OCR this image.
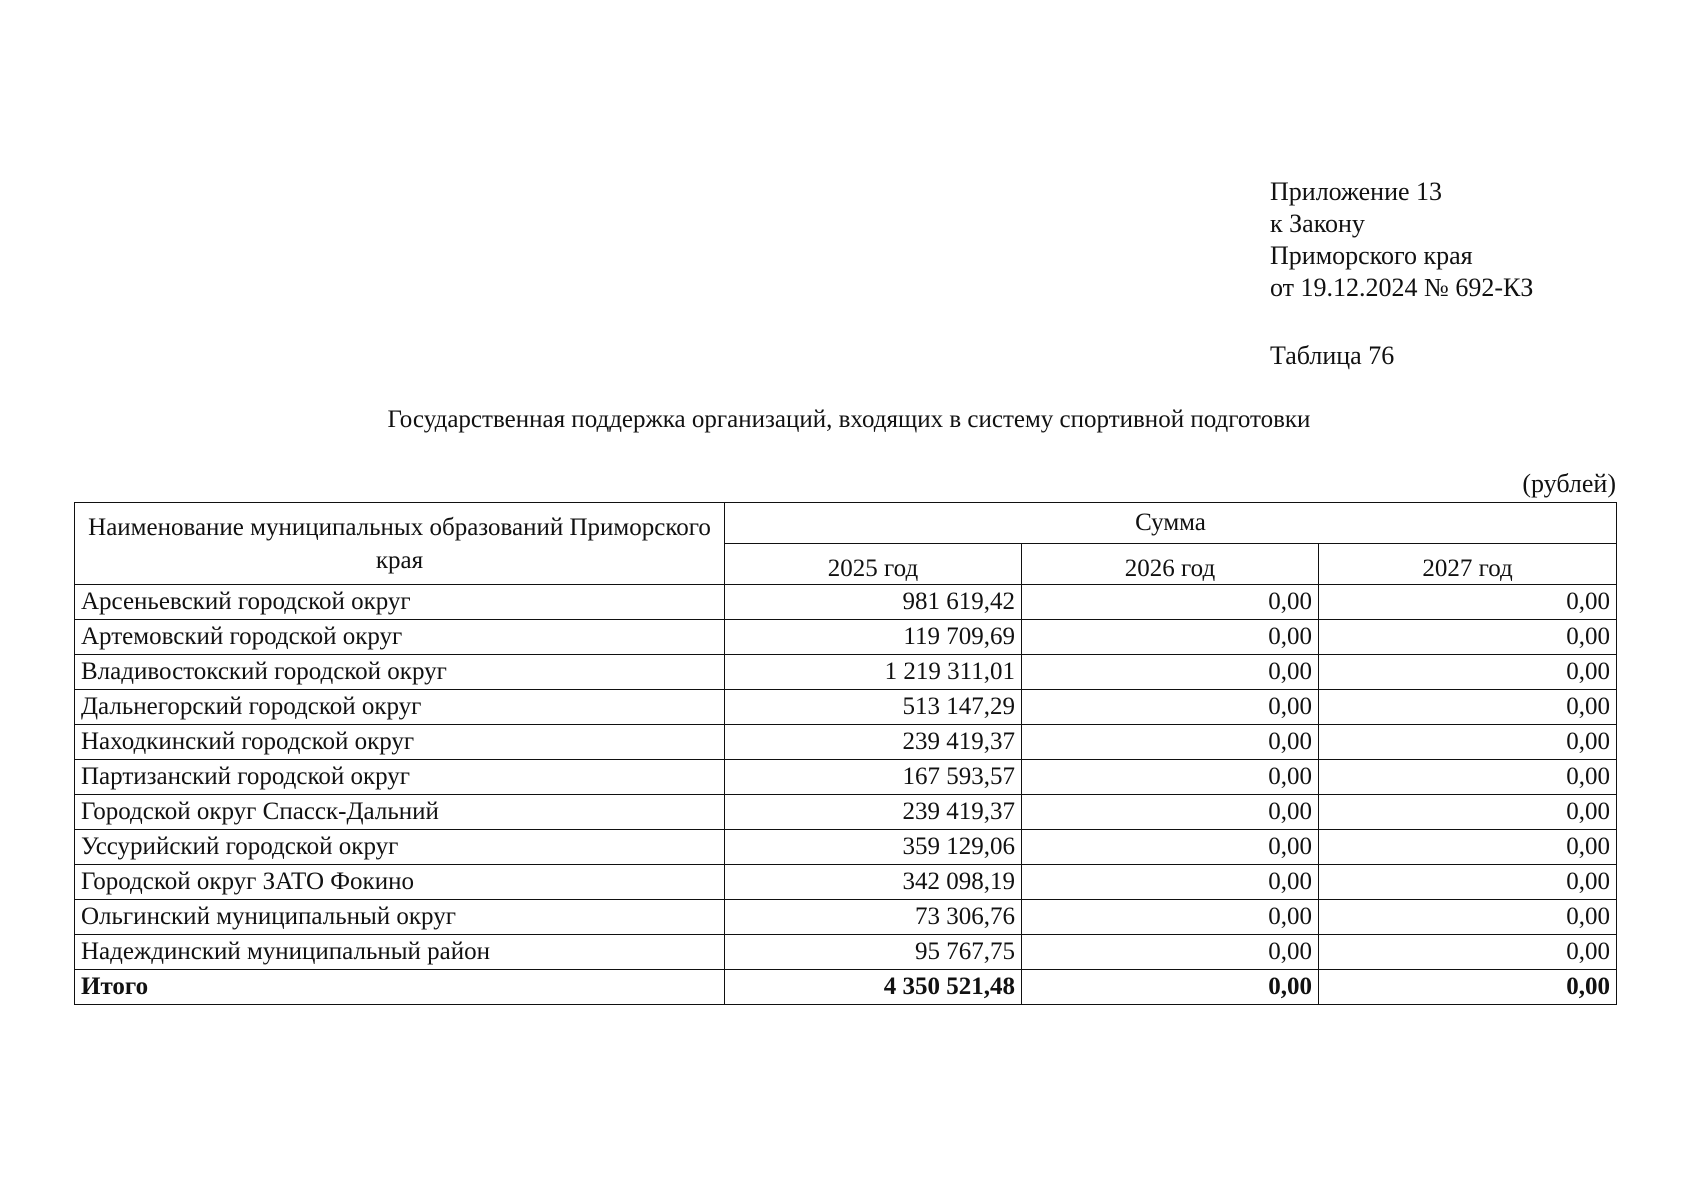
Приложение 13
к Закону
Приморского края
от 19.12.2024 № 692-КЗ
Таблица 76
Государственная поддержка организаций, входящих в систему спортивной подготовки
(рублей)
Наименование муниципальных образований Приморского края	Сумма		
	2025 год	2026 год	2027 год
Арсеньевский городской округ	981 619,42	0,00	0,00
Артемовский городской округ	119 709,69	0,00	0,00
Владивостокский городской округ	1 219 311,01	0,00	0,00
Дальнегорский городской округ	513 147,29	0,00	0,00
Находкинский городской округ	239 419,37	0,00	0,00
Партизанский городской округ	167 593,57	0,00	0,00
Городской округ Спасск-Дальний	239 419,37	0,00	0,00
Уссурийский городской округ	359 129,06	0,00	0,00
Городской округ ЗАТО Фокино	342 098,19	0,00	0,00
Ольгинский муниципальный округ	73 306,76	0,00	0,00
Надеждинский муниципальный район	95 767,75	0,00	0,00
Итого	4 350 521,48	0,00	0,00
